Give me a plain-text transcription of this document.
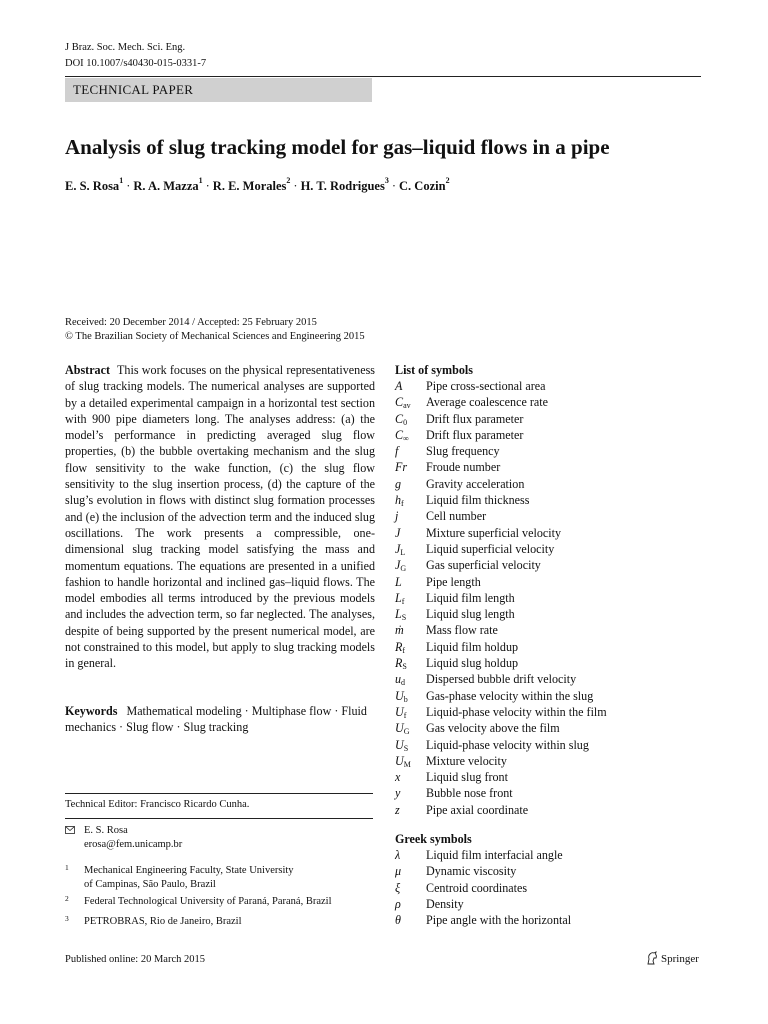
J Braz. Soc. Mech. Sci. Eng.
DOI 10.1007/s40430-015-0331-7
TECHNICAL PAPER
Analysis of slug tracking model for gas–liquid flows in a pipe
E. S. Rosa$^1$ · R. A. Mazza$^1$ · R. E. Morales$^2$ · H. T. Rodrigues$^3$ · C. Cozin$^2$
Received: 20 December 2014 / Accepted: 25 February 2015
© The Brazilian Society of Mechanical Sciences and Engineering 2015
Abstract This work focuses on the physical representativeness of slug tracking models. The numerical analyses are supported by a detailed experimental campaign in a horizontal test section with 900 pipe diameters long. The analyses address: (a) the model’s performance in predicting averaged slug flow properties, (b) the bubble overtaking mechanism and the slug flow sensitivity to the wake function, (c) the slug flow sensitivity to the slug insertion process, (d) the capture of the slug’s evolution in flows with distinct slug formation processes and (e) the inclusion of the advection term and the induced slug oscillations. The work presents a compressible, one-dimensional slug tracking model satisfying the mass and momentum equations. The equations are presented in a unified fashion to handle horizontal and inclined gas–liquid flows. The model embodies all terms introduced by the previous models and includes the advection term, so far neglected. The analyses, despite of being supported by the present numerical model, are not constrained to this model, but apply to slug tracking models in general.
Keywords Mathematical modeling · Multiphase flow · Fluid mechanics · Slug flow · Slug tracking
Technical Editor: Francisco Ricardo Cunha.
E. S. Rosa
erosa@fem.unicamp.br
1 Mechanical Engineering Faculty, State University
of Campinas, São Paulo, Brazil
2 Federal Technological University of Paraná, Paraná, Brazil
3 PETROBRAS, Rio de Janeiro, Brazil
List of symbols
A	Pipe cross-sectional area
$C_{av}$	Average coalescence rate
$C_0$	Drift flux parameter
$C_\infty$	Drift flux parameter
f	Slug frequency
Fr	Froude number
g	Gravity acceleration
$h_f$	Liquid film thickness
j	Cell number
J	Mixture superficial velocity
$J_L$	Liquid superficial velocity
$J_G$	Gas superficial velocity
L	Pipe length
$L_f$	Liquid film length
$L_S$	Liquid slug length
ṁ	Mass flow rate
$R_f$	Liquid film holdup
$R_S$	Liquid slug holdup
$u_d$	Dispersed bubble drift velocity
$U_b$	Gas-phase velocity within the slug
$U_f$	Liquid-phase velocity within the film
$U_G$	Gas velocity above the film
$U_S$	Liquid-phase velocity within slug
$U_M$	Mixture velocity
x	Liquid slug front
y	Bubble nose front
z	Pipe axial coordinate
Greek symbols
λ	Liquid film interfacial angle
μ	Dynamic viscosity
ξ	Centroid coordinates
ρ	Density
θ	Pipe angle with the horizontal
Published online: 20 March 2015	Springer
